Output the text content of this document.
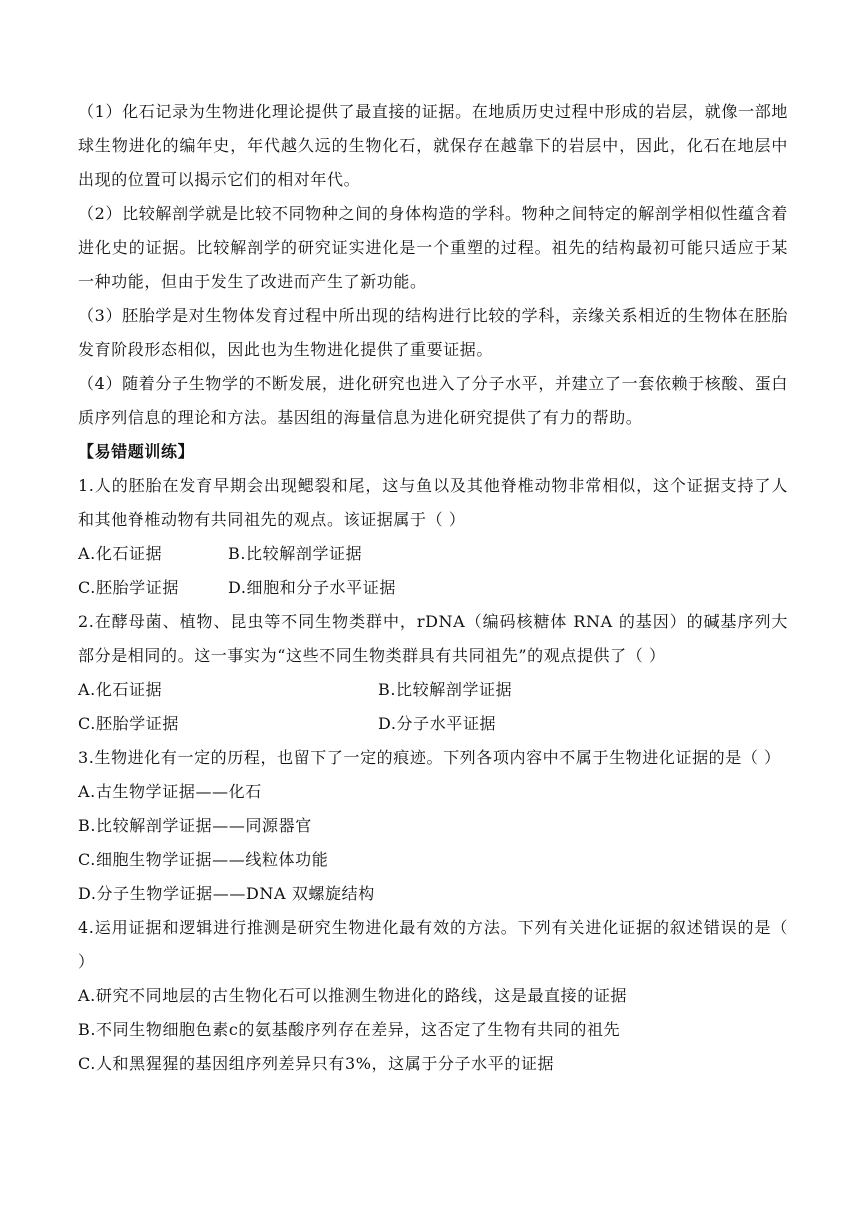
（1）化石记录为生物进化理论提供了最直接的证据。在地质历史过程中形成的岩层，就像一部地球生物进化的编年史，年代越久远的生物化石，就保存在越靠下的岩层中，因此，化石在地层中出现的位置可以揭示它们的相对年代。

（2）比较解剖学就是比较不同物种之间的身体构造的学科。物种之间特定的解剖学相似性蕴含着进化史的证据。比较解剖学的研究证实进化是一个重塑的过程。祖先的结构最初可能只适应于某一种功能，但由于发生了改进而产生了新功能。

（3）胚胎学是对生物体发育过程中所出现的结构进行比较的学科，亲缘关系相近的生物体在胚胎发育阶段形态相似，因此也为生物进化提供了重要证据。

（4）随着分子生物学的不断发展，进化研究也进入了分子水平，并建立了一套依赖于核酸、蛋白质序列信息的理论和方法。基因组的海量信息为进化研究提供了有力的帮助。

【易错题训练】

1.人的胚胎在发育早期会出现鳃裂和尾，这与鱼以及其他脊椎动物非常相似，这个证据支持了人和其他脊椎动物有共同祖先的观点。该证据属于（ ）

A.化石证据	B.比较解剖学证据
C.胚胎学证据	D.细胞和分子水平证据

2.在酵母菌、植物、昆虫等不同生物类群中，rDNA（编码核糖体 RNA 的基因）的碱基序列大部分是相同的。这一事实为“这些不同生物类群具有共同祖先”的观点提供了（ ）

A.化石证据	B.比较解剖学证据
C.胚胎学证据	D.分子水平证据

3.生物进化有一定的历程，也留下了一定的痕迹。下列各项内容中不属于生物进化证据的是（ ）

A.古生物学证据——化石

B.比较解剖学证据——同源器官

C.细胞生物学证据——线粒体功能

D.分子生物学证据——DNA 双螺旋结构

4.运用证据和逻辑进行推测是研究生物进化最有效的方法。下列有关进化证据的叙述错误的是（ ）

A.研究不同地层的古生物化石可以推测生物进化的路线，这是最直接的证据

B.不同生物细胞色素c的氨基酸序列存在差异，这否定了生物有共同的祖先

C.人和黑猩猩的基因组序列差异只有3%，这属于分子水平的证据
